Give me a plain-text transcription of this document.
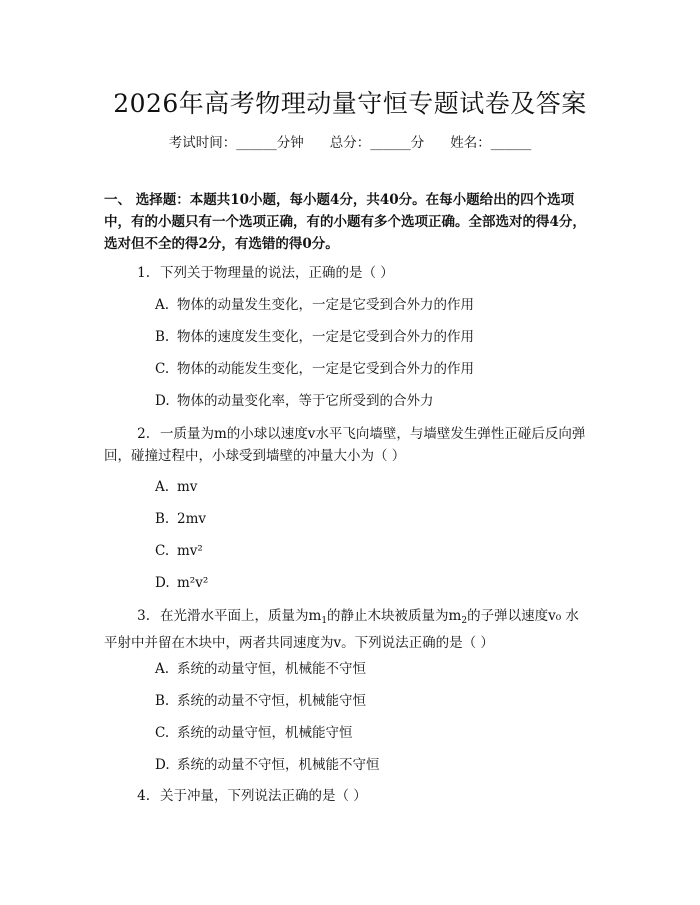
2026年高考物理动量守恒专题试卷及答案
考试时间：______分钟 总分：______分 姓名：______
一、 选择题：本题共10小题，每小题4分，共40分。在每小题给出的四个选项中，有的小题只有一个选项正确，有的小题有多个选项正确。全部选对的得4分，选对但不全的得2分，有选错的得0分。
1. 下列关于物理量的说法，正确的是（ ）
A. 物体的动量发生变化，一定是它受到合外力的作用
B. 物体的速度发生变化，一定是它受到合外力的作用
C. 物体的动能发生变化，一定是它受到合外力的作用
D. 物体的动量变化率，等于它所受到的合外力
2. 一质量为m的小球以速度v水平飞向墙壁，与墙壁发生弹性正碰后反向弹
回，碰撞过程中，小球受到墙壁的冲量大小为（ ）
A. mv
B. 2mv
C. mv²
D. m²v²
3. 在光滑水平面上，质量为$m_1$的静止木块被质量为$m_2$的子弹以速度v₀ 水
平射中并留在木块中，两者共同速度为v。下列说法正确的是（ ）
A. 系统的动量守恒，机械能不守恒
B. 系统的动量不守恒，机械能守恒
C. 系统的动量守恒，机械能守恒
D. 系统的动量不守恒，机械能不守恒
4. 关于冲量，下列说法正确的是（ ）
